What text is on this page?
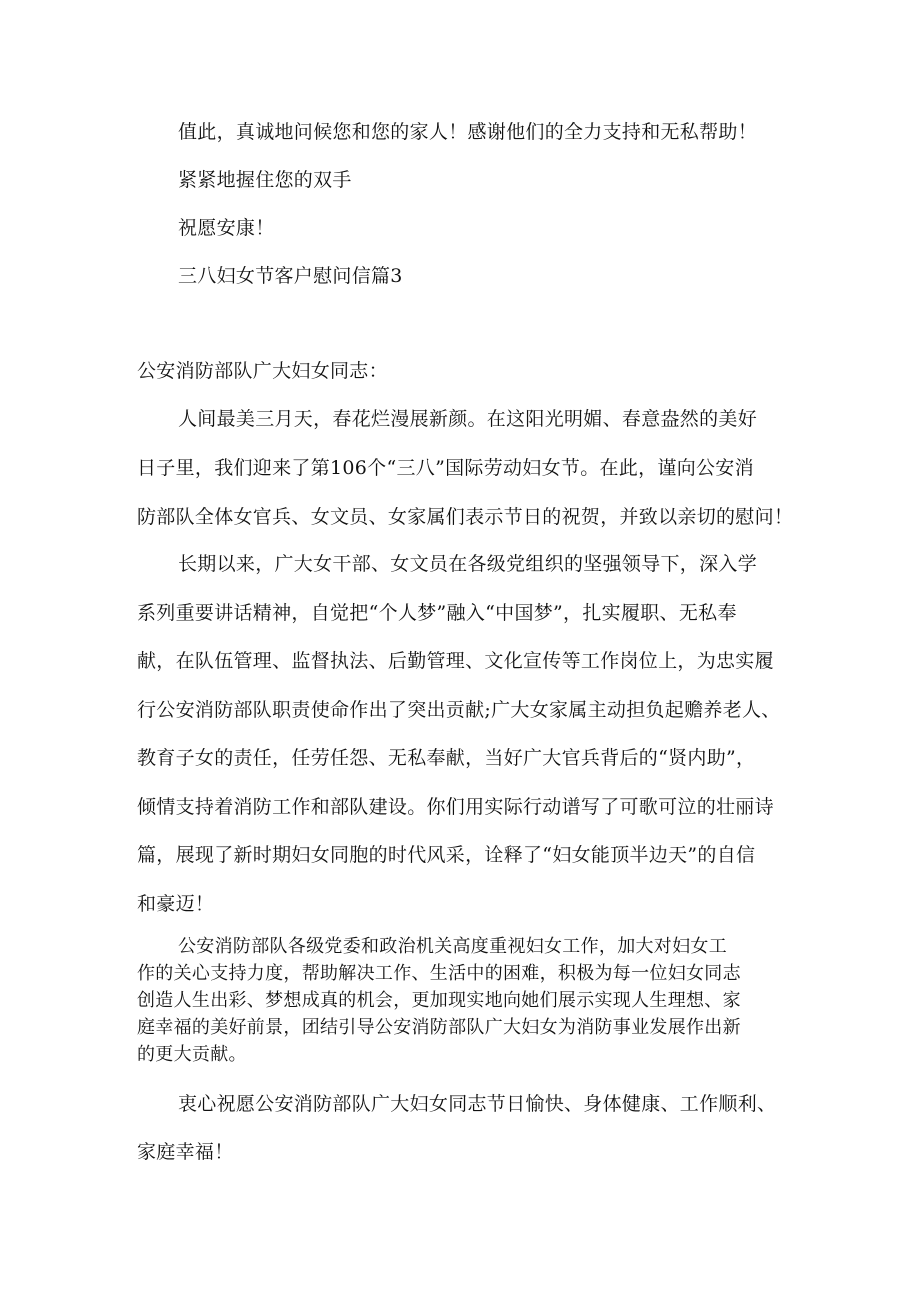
值此，真诚地问候您和您的家人！感谢他们的全力支持和无私帮助！
紧紧地握住您的双手
祝愿安康！
三八妇女节客户慰问信篇3
公安消防部队广大妇女同志：
人间最美三月天，春花烂漫展新颜。在这阳光明媚、春意盎然的美好
日子里，我们迎来了第106个“三八”国际劳动妇女节。在此，谨向公安消
防部队全体女官兵、女文员、女家属们表示节日的祝贺，并致以亲切的慰问！
长期以来，广大女干部、女文员在各级党组织的坚强领导下，深入学
系列重要讲话精神，自觉把“个人梦”融入“中国梦”，扎实履职、无私奉
献，在队伍管理、监督执法、后勤管理、文化宣传等工作岗位上，为忠实履
行公安消防部队职责使命作出了突出贡献;广大女家属主动担负起赡养老人、
教育子女的责任，任劳任怨、无私奉献，当好广大官兵背后的“贤内助”，
倾情支持着消防工作和部队建设。你们用实际行动谱写了可歌可泣的壮丽诗
篇，展现了新时期妇女同胞的时代风采，诠释了“妇女能顶半边天”的自信
和豪迈！
公安消防部队各级党委和政治机关高度重视妇女工作，加大对妇女工
作的关心支持力度，帮助解决工作、生活中的困难，积极为每一位妇女同志
创造人生出彩、梦想成真的机会，更加现实地向她们展示实现人生理想、家
庭幸福的美好前景，团结引导公安消防部队广大妇女为消防事业发展作出新
的更大贡献。
衷心祝愿公安消防部队广大妇女同志节日愉快、身体健康、工作顺利、
家庭幸福！
